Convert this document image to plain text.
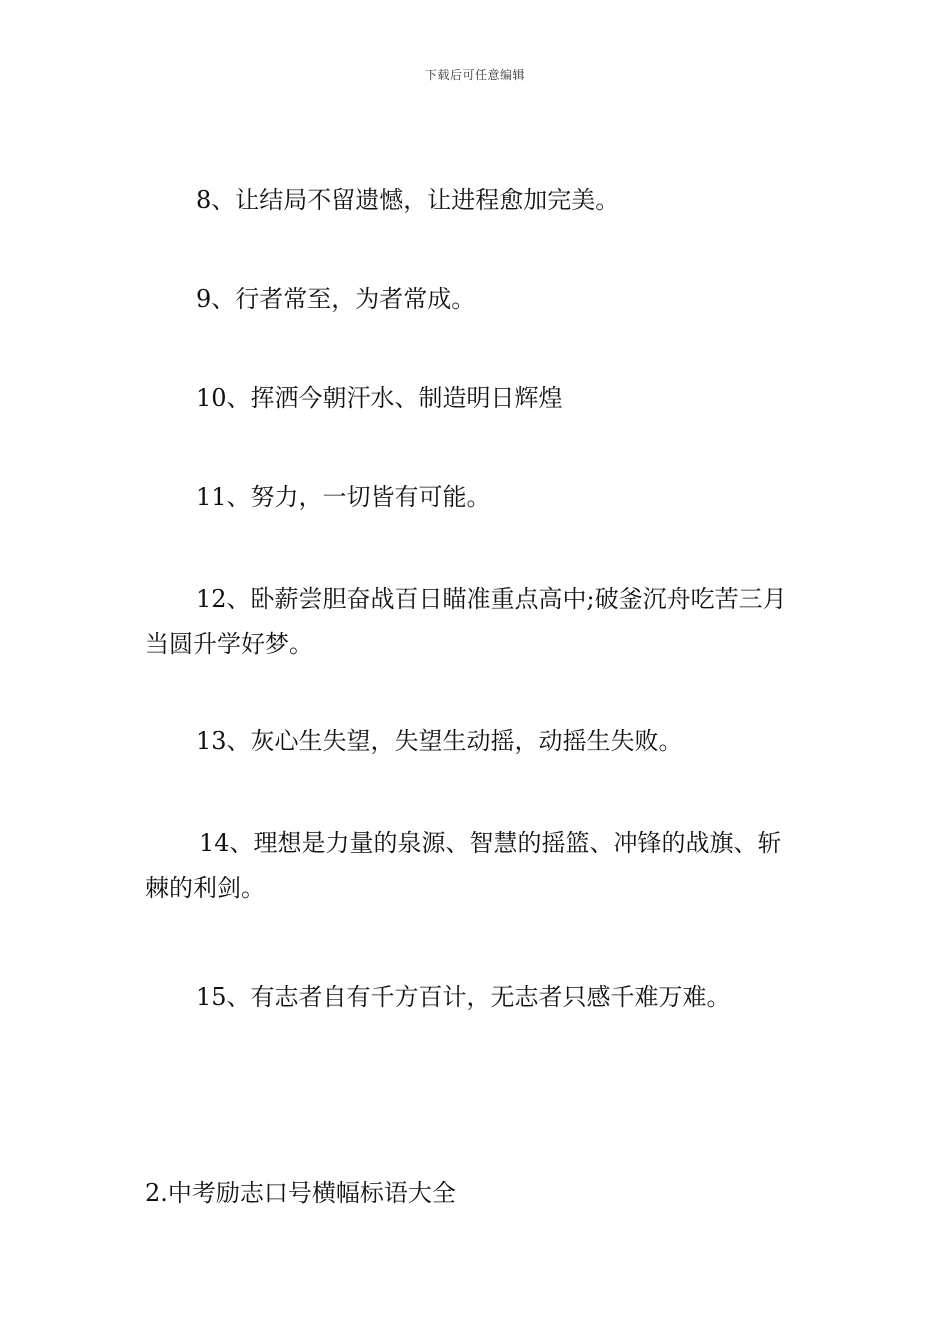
下载后可任意编辑

8、让结局不留遗憾，让进程愈加完美。

9、行者常至，为者常成。

10、挥洒今朝汗水、制造明日辉煌

11、努力，一切皆有可能。

12、卧薪尝胆奋战百日瞄准重点高中;破釜沉舟吃苦三月当圆升学好梦。

13、灰心生失望，失望生动摇，动摇生失败。

14、理想是力量的泉源、智慧的摇篮、冲锋的战旗、斩棘的利剑。

15、有志者自有千方百计，无志者只感千难万难。

2.中考励志口号横幅标语大全
